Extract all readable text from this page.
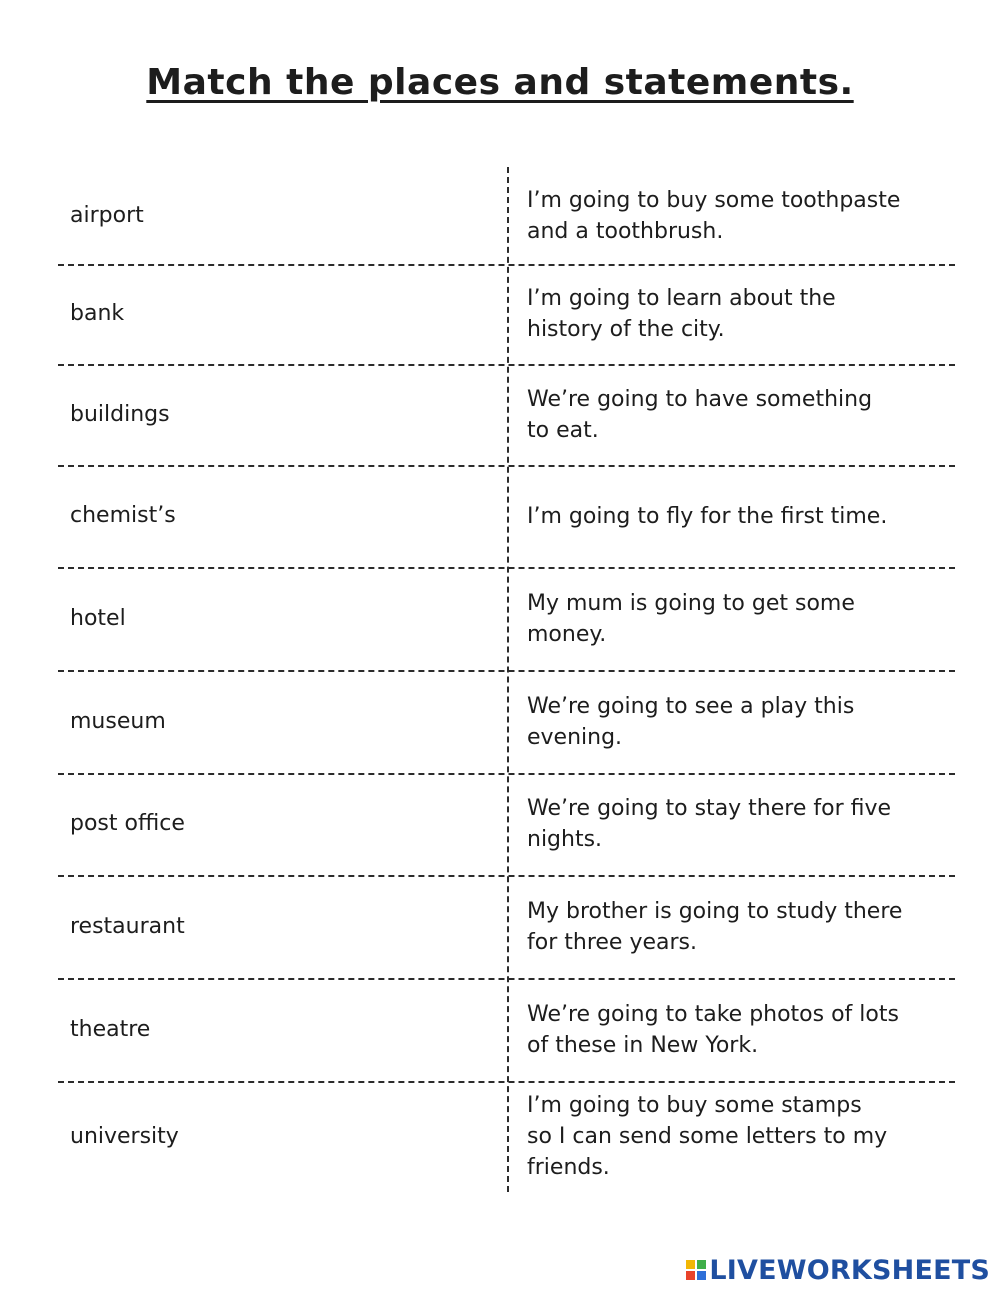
Match the places and statements.
airport
I’m going to buy some toothpaste
and a toothbrush.
bank
I’m going to learn about the
history of the city.
buildings
We’re going to have something
to eat.
chemist’s	I’m going to fly for the first time.
hotel
My mum is going to get some
money.
museum
We’re going to see a play this
evening.
post office
We’re going to stay there for five
nights.
restaurant
My brother is going to study there
for three years.
theatre
We’re going to take photos of lots
of these in New York.
university
I’m going to buy some stamps
so I can send some letters to my
friends.
LIVEWORKSHEETS
